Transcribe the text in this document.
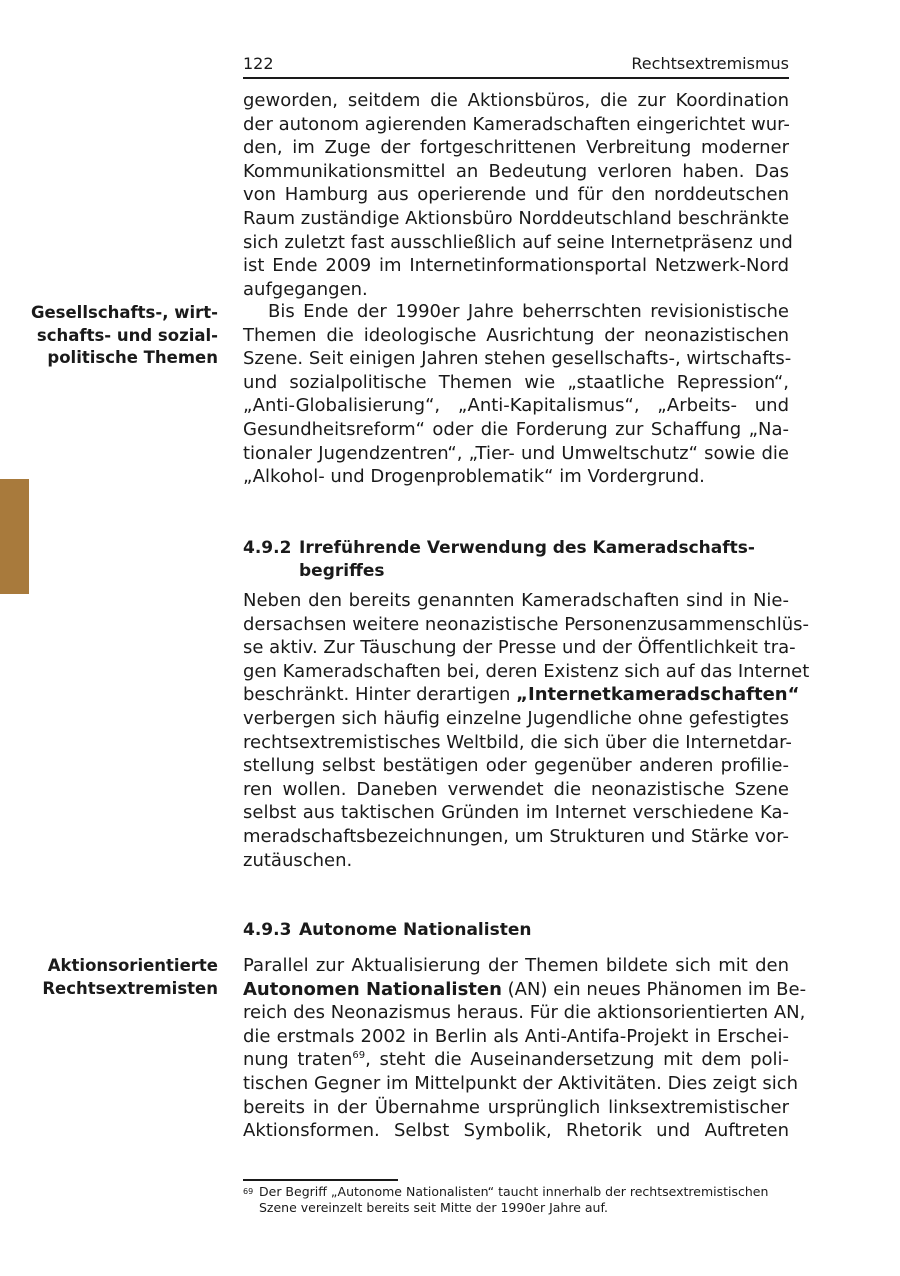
122	Rechtsextremismus

geworden, seitdem die Aktionsbüros, die zur Koordination
der autonom agierenden Kameradschaften eingerichtet wur-
den, im Zuge der fortgeschrittenen Verbreitung moderner
Kommunikationsmittel an Bedeutung verloren haben. Das
von Hamburg aus operierende und für den norddeutschen
Raum zuständige Aktionsbüro Norddeutschland beschränkte
sich zuletzt fast ausschließlich auf seine Internetpräsenz und
ist Ende 2009 im Internetinformationsportal Netzwerk-Nord
aufgegangen.

Gesellschafts-, wirt-
schafts- und sozial-
politische Themen

Bis Ende der 1990er Jahre beherrschten revisionistische
Themen die ideologische Ausrichtung der neonazistischen
Szene. Seit einigen Jahren stehen gesellschafts-, wirtschafts-
und sozialpolitische Themen wie „staatliche Repression“,
„Anti-Globalisierung“, „Anti-Kapitalismus“, „Arbeits- und
Gesundheitsreform“ oder die Forderung zur Schaffung „Na-
tionaler Jugendzentren“, „Tier- und Umweltschutz“ sowie die
„Alkohol- und Drogenproblematik“ im Vordergrund.

4.9.2 Irreführende Verwendung des Kameradschafts-
begriffes

Neben den bereits genannten Kameradschaften sind in Nie-
dersachsen weitere neonazistische Personenzusammenschlüs-
se aktiv. Zur Täuschung der Presse und der Öffentlichkeit tra-
gen Kameradschaften bei, deren Existenz sich auf das Internet
beschränkt. Hinter derartigen „Internetkameradschaften“
verbergen sich häufig einzelne Jugendliche ohne gefestigtes
rechtsextremistisches Weltbild, die sich über die Internetdar-
stellung selbst bestätigen oder gegenüber anderen profilie-
ren wollen. Daneben verwendet die neonazistische Szene
selbst aus taktischen Gründen im Internet verschiedene Ka-
meradschaftsbezeichnungen, um Strukturen und Stärke vor-
zutäuschen.

4.9.3 Autonome Nationalisten

Aktionsorientierte
Rechtsextremisten

Parallel zur Aktualisierung der Themen bildete sich mit den
Autonomen Nationalisten (AN) ein neues Phänomen im Be-
reich des Neonazismus heraus. Für die aktionsorientierten AN,
die erstmals 2002 in Berlin als Anti-Antifa-Projekt in Erschei-
nung traten$^{69}$, steht die Auseinandersetzung mit dem poli-
tischen Gegner im Mittelpunkt der Aktivitäten. Dies zeigt sich
bereits in der Übernahme ursprünglich linksextremistischer
Aktionsformen. Selbst Symbolik, Rhetorik und Auftreten

69 Der Begriff „Autonome Nationalisten“ taucht innerhalb der rechtsextremistischen
Szene vereinzelt bereits seit Mitte der 1990er Jahre auf.
